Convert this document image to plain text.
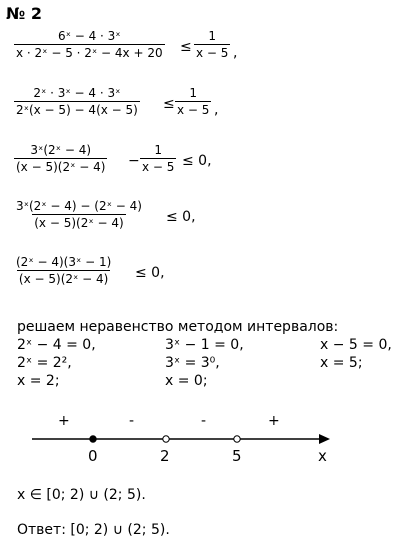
№ 2
$\frac{\text{6ˣ − 4 · 3ˣ}}{\text{x · 2ˣ − 5 · 2ˣ − 4x + 20}} \le \frac{1}{x - 5}$ ,
$\frac{\text{2ˣ · 3ˣ − 4 · 3ˣ}}{\text{2ˣ(x − 5) − 4(x − 5)}} \le \frac{1}{x - 5}$ ,
$\frac{\text{3ˣ(2ˣ − 4)}}{\text{(x − 5)(2ˣ − 4)}} - \frac{1}{x - 5} \le 0$,
$\frac{\text{3ˣ(2ˣ − 4) − (2ˣ − 4)}}{\text{(x − 5)(2ˣ − 4)}} \le 0$,
$\frac{\text{(2ˣ − 4)(3ˣ − 1)}}{\text{(x − 5)(2ˣ − 4)}} \le 0$,
решаем неравенство методом интервалов:
2ˣ − 4 = 0,
2ˣ = 2²,
x = 2;
3ˣ − 1 = 0,
3ˣ = 3⁰,
x = 0;
x − 5 = 0,
x = 5;
+	-	-	+
0	2	5	x
x ∈ [0; 2) ∪ (2; 5).
Ответ: [0; 2) ∪ (2; 5).
